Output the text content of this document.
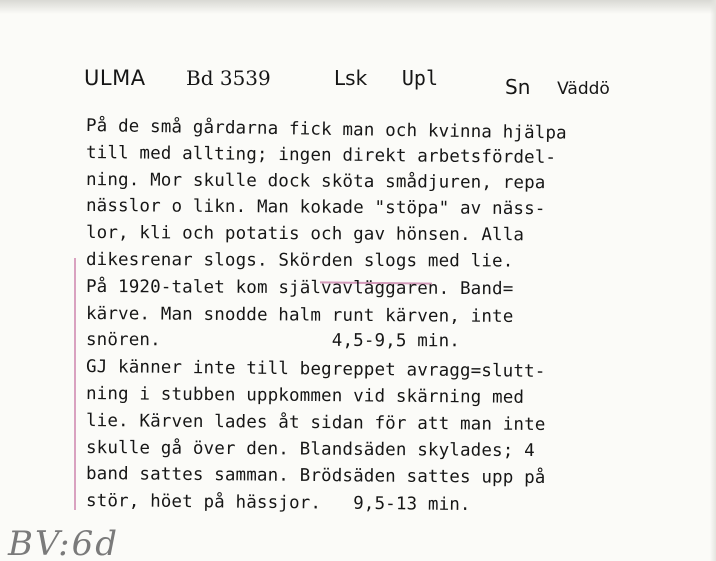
ULMA Bd 3539	Lsk Upl	Sn Väddö
På de små gårdarna fick man och kvinna hjälpa
till med allting; ingen direkt arbetsfördel-
ning. Mor skulle dock sköta smådjuren, repa
nässlor o likn. Man kokade "stöpa" av näss-
lor, kli och potatis och gav hönsen. Alla
dikesrenar slogs. Skörden slogs med lie.
På 1920-talet kom självavläggaren. Band=
kärve. Man snodde halm runt kärven, inte
snören.                4,5-9,5 min.
GJ känner inte till begreppet avragg=slutt-
ning i stubben uppkommen vid skärning med
lie. Kärven lades åt sidan för att man inte
skulle gå över den. Blandsäden skylades; 4
band sattes samman. Brödsäden sattes upp på
stör, höet på hässjor.   9,5-13 min.
BV:6d
